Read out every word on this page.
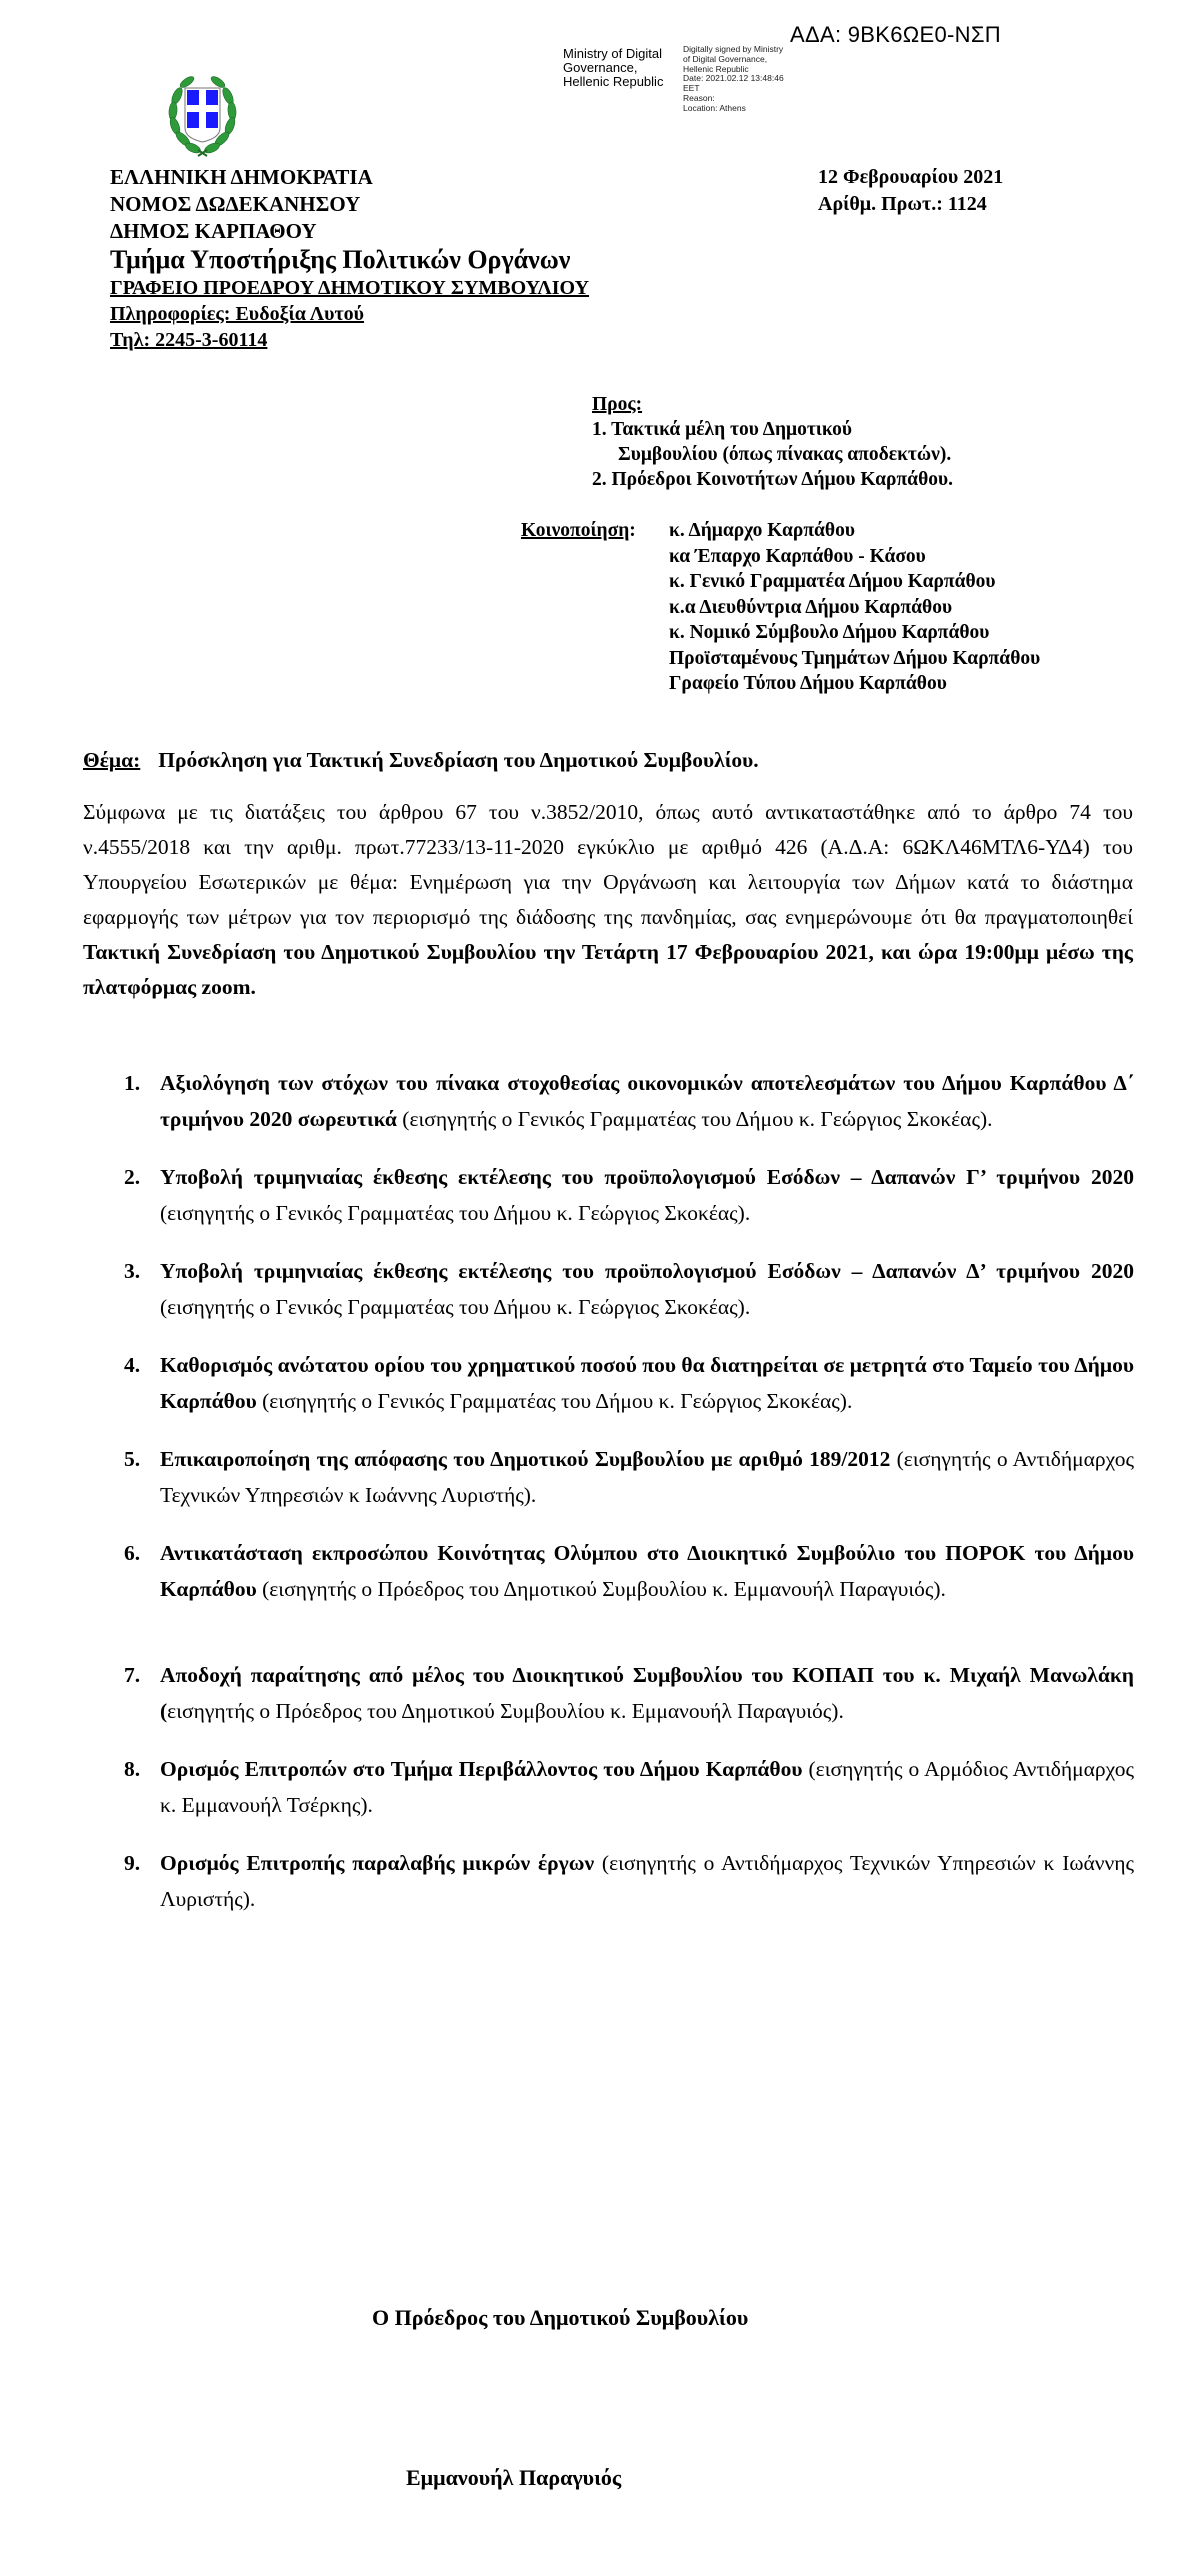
ΑΔΑ: 9ΒΚ6ΩΕ0-ΝΣΠ
Ministry of Digital
Governance,
Hellenic Republic
Digitally signed by Ministry
of Digital Governance,
Hellenic Republic
Date: 2021.02.12 13:48:46
EET
Reason:
Location: Athens
ΕΛΛΗΝΙΚΗ ΔΗΜΟΚΡΑΤΙΑ
ΝΟΜΟΣ ΔΩΔΕΚΑΝΗΣΟΥ
ΔΗΜΟΣ ΚΑΡΠΑΘΟΥ
Τμήμα Υποστήριξης Πολιτικών Οργάνων
ΓΡΑΦΕΙΟ ΠΡΟΕΔΡΟΥ ΔΗΜΟΤΙΚΟΥ ΣΥΜΒΟΥΛΙΟΥ
Πληροφορίες: Ευδοξία Λυτού
Τηλ: 2245-3-60114
12 Φεβρουαρίου 2021
Αρίθμ. Πρωτ.: 1124
Προς:
1. Τακτικά μέλη του Δημοτικού
Συμβουλίου (όπως πίνακας αποδεκτών).
2. Πρόεδροι Κοινοτήτων Δήμου Καρπάθου.
Κοινοποίηση: κ. Δήμαρχο Καρπάθου
κα Έπαρχο Καρπάθου - Κάσου
κ. Γενικό Γραμματέα Δήμου Καρπάθου
κ.α Διευθύντρια Δήμου Καρπάθου
κ. Νομικό Σύμβουλο Δήμου Καρπάθου
Προϊσταμένους Τμημάτων Δήμου Καρπάθου
Γραφείο Τύπου Δήμου Καρπάθου
Θέμα: Πρόσκληση για Τακτική Συνεδρίαση του Δημοτικού Συμβουλίου.
Σύμφωνα με τις διατάξεις του άρθρου 67 του ν.3852/2010, όπως αυτό αντικαταστάθηκε από το άρθρο 74 του ν.4555/2018 και την αριθμ. πρωτ.77233/13-11-2020 εγκύκλιο με αριθμό 426 (Α.Δ.Α: 6ΩΚΛ46ΜΤΛ6-ΥΔ4) του Υπουργείου Εσωτερικών με θέμα: Ενημέρωση για την Οργάνωση και λειτουργία των Δήμων κατά το διάστημα εφαρμογής των μέτρων για τον περιορισμό της διάδοσης της πανδημίας, σας ενημερώνουμε ότι θα πραγματοποιηθεί Τακτική Συνεδρίαση του Δημοτικού Συμβουλίου την Τετάρτη 17 Φεβρουαρίου 2021, και ώρα 19:00μμ μέσω της πλατφόρμας zoom.
1. Αξιολόγηση των στόχων του πίνακα στοχοθεσίας οικονομικών αποτελεσμάτων του Δήμου Καρπάθου Δ΄ τριμήνου 2020 σωρευτικά (εισηγητής ο Γενικός Γραμματέας του Δήμου κ. Γεώργιος Σκοκέας).
2. Υποβολή τριμηνιαίας έκθεσης εκτέλεσης του προϋπολογισμού Εσόδων – Δαπανών Γ’ τριμήνου 2020 (εισηγητής ο Γενικός Γραμματέας του Δήμου κ. Γεώργιος Σκοκέας).
3. Υποβολή τριμηνιαίας έκθεσης εκτέλεσης του προϋπολογισμού Εσόδων – Δαπανών Δ’ τριμήνου 2020 (εισηγητής ο Γενικός Γραμματέας του Δήμου κ. Γεώργιος Σκοκέας).
4. Καθορισμός ανώτατου ορίου του χρηματικού ποσού που θα διατηρείται σε μετρητά στο Ταμείο του Δήμου Καρπάθου (εισηγητής ο Γενικός Γραμματέας του Δήμου κ. Γεώργιος Σκοκέας).
5. Επικαιροποίηση της απόφασης του Δημοτικού Συμβουλίου με αριθμό 189/2012 (εισηγητής ο Αντιδήμαρχος Τεχνικών Υπηρεσιών κ Ιωάννης Λυριστής).
6. Αντικατάσταση εκπροσώπου Κοινότητας Ολύμπου στο Διοικητικό Συμβούλιο του ΠΟΡΟΚ του Δήμου Καρπάθου (εισηγητής ο Πρόεδρος του Δημοτικού Συμβουλίου κ. Εμμανουήλ Παραγυιός).
7. Αποδοχή παραίτησης από μέλος του Διοικητικού Συμβουλίου του ΚΟΠΑΠ του κ. Μιχαήλ Μανωλάκη (εισηγητής ο Πρόεδρος του Δημοτικού Συμβουλίου κ. Εμμανουήλ Παραγυιός).
8. Ορισμός Επιτροπών στο Τμήμα Περιβάλλοντος του Δήμου Καρπάθου (εισηγητής ο Αρμόδιος Αντιδήμαρχος κ. Εμμανουήλ Τσέρκης).
9. Ορισμός Επιτροπής παραλαβής μικρών έργων (εισηγητής ο Αντιδήμαρχος Τεχνικών Υπηρεσιών κ Ιωάννης Λυριστής).
Ο Πρόεδρος του Δημοτικού Συμβουλίου
Εμμανουήλ Παραγυιός
